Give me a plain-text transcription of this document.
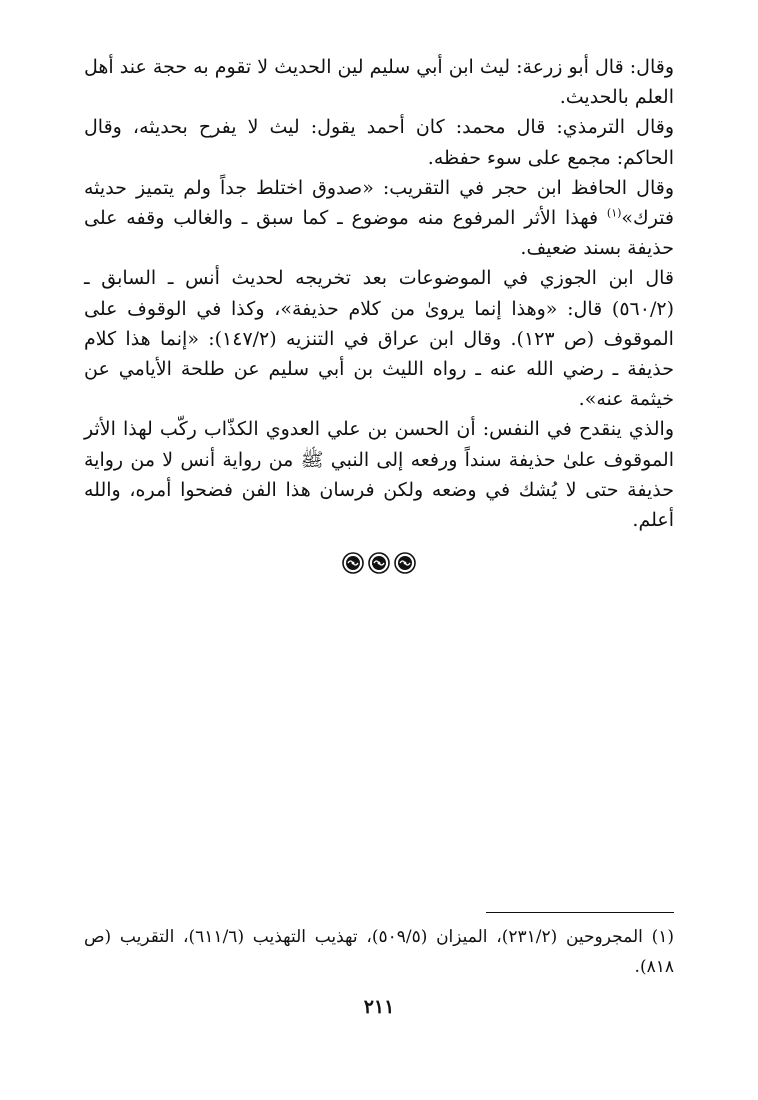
وقال: قال أبو زرعة: ليث ابن أبي سليم لين الحديث لا تقوم به حجة عند أهل العلم بالحديث.

وقال الترمذي: قال محمد: كان أحمد يقول: ليث لا يفرح بحديثه، وقال الحاكم: مجمع على سوء حفظه.

وقال الحافظ ابن حجر في التقريب: «صدوق اختلط جداً ولم يتميز حديثه فترك»$^{(١)}$ فهذا الأثر المرفوع منه موضوع ـ كما سبق ـ والغالب وقفه على حذيفة بسند ضعيف.

قال ابن الجوزي في الموضوعات بعد تخريجه لحديث أنس ـ السابق ـ (٥٦٠/٢) قال: «وهذا إنما يروىٰ من كلام حذيفة»، وكذا في الوقوف على الموقوف (ص ١٢٣). وقال ابن عراق في التنزيه (١٤٧/٢): «إنما هذا كلام حذيفة ـ رضي الله عنه ـ رواه الليث بن أبي سليم عن طلحة الأيامي عن خيثمة عنه».

والذي ينقدح في النفس: أن الحسن بن علي العدوي الكذّاب ركّب لهذا الأثر الموقوف علىٰ حذيفة سنداً ورفعه إلى النبي ﷺ من رواية أنس لا من رواية حذيفة حتى لا يُشك في وضعه ولكن فرسان هذا الفن فضحوا أمره، والله أعلم.

(١) المجروحين (٢٣١/٢)، الميزان (٥٠٩/٥)، تهذيب التهذيب (٦١١/٦)، التقريب (ص ٨١٨).

٢١١
